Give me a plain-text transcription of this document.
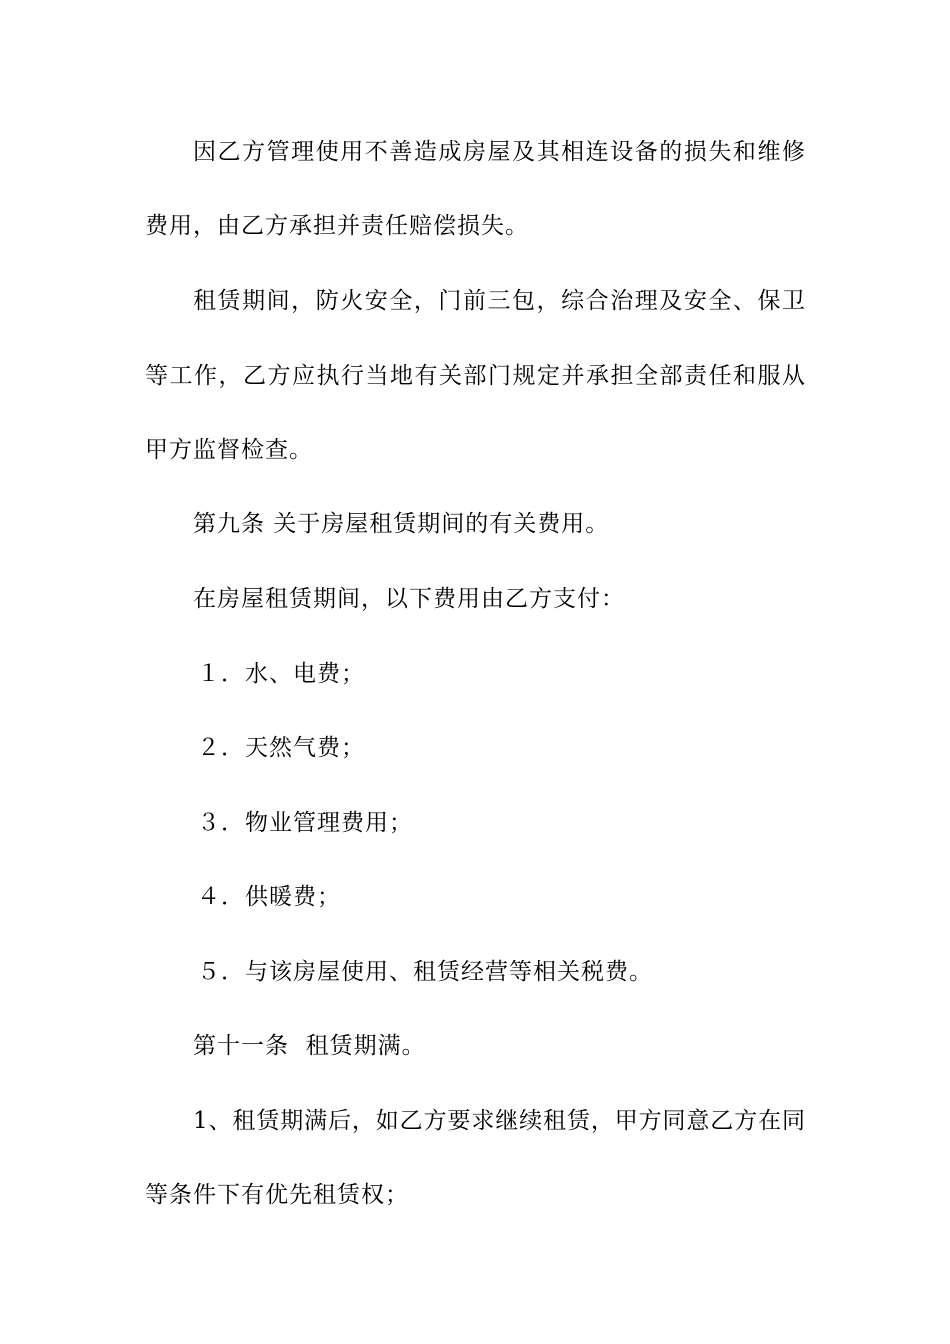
因乙方管理使用不善造成房屋及其相连设备的损失和维修
费用，由乙方承担并责任赔偿损失。
租赁期间，防火安全，门前三包，综合治理及安全、保卫
等工作，乙方应执行当地有关部门规定并承担全部责任和服从
甲方监督检查。
第九条 关于房屋租赁期间的有关费用。
在房屋租赁期间，以下费用由乙方支付：
１．水、电费；
２．天然气费；
３．物业管理费用；
４．供暖费；
５．与该房屋使用、租赁经营等相关税费。
第十一条  租赁期满。
1、租赁期满后，如乙方要求继续租赁，甲方同意乙方在同
等条件下有优先租赁权；
